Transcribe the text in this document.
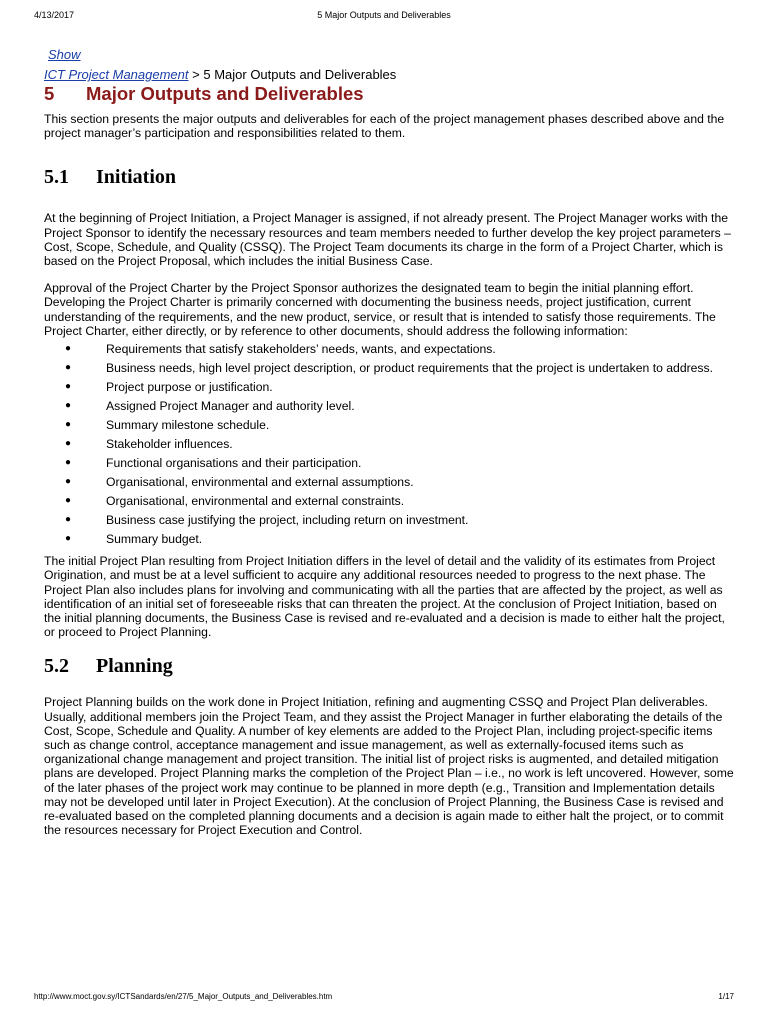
4/13/2017	5 Major Outputs and Deliverables
Show
ICT Project Management > 5 Major Outputs and Deliverables
5 Major Outputs and Deliverables

This section presents the major outputs and deliverables for each of the project management phases described above and the project manager’s participation and responsibilities related to them.

5.1 Initiation

At the beginning of Project Initiation, a Project Manager is assigned, if not already present. The Project Manager works with the Project Sponsor to identify the necessary resources and team members needed to further develop the key project parameters – Cost, Scope, Schedule, and Quality (CSSQ). The Project Team documents its charge in the form of a Project Charter, which is based on the Project Proposal, which includes the initial Business Case.

Approval of the Project Charter by the Project Sponsor authorizes the designated team to begin the initial planning effort. Developing the Project Charter is primarily concerned with documenting the business needs, project justification, current understanding of the requirements, and the new product, service, or result that is intended to satisfy those requirements. The Project Charter, either directly, or by reference to other documents, should address the following information:

●	Requirements that satisfy stakeholders’ needs, wants, and expectations.
●	Business needs, high level project description, or product requirements that the project is undertaken to address.
●	Project purpose or justification.
●	Assigned Project Manager and authority level.
●	Summary milestone schedule.
●	Stakeholder influences.
●	Functional organisations and their participation.
●	Organisational, environmental and external assumptions.
●	Organisational, environmental and external constraints.
●	Business case justifying the project, including return on investment.
●	Summary budget.

The initial Project Plan resulting from Project Initiation differs in the level of detail and the validity of its estimates from Project Origination, and must be at a level sufficient to acquire any additional resources needed to progress to the next phase. The Project Plan also includes plans for involving and communicating with all the parties that are affected by the project, as well as identification of an initial set of foreseeable risks that can threaten the project. At the conclusion of Project Initiation, based on the initial planning documents, the Business Case is revised and re-evaluated and a decision is made to either halt the project, or proceed to Project Planning.

5.2 Planning

Project Planning builds on the work done in Project Initiation, refining and augmenting CSSQ and Project Plan deliverables. Usually, additional members join the Project Team, and they assist the Project Manager in further elaborating the details of the Cost, Scope, Schedule and Quality. A number of key elements are added to the Project Plan, including project-specific items such as change control, acceptance management and issue management, as well as externally-focused items such as organizational change management and project transition. The initial list of project risks is augmented, and detailed mitigation plans are developed. Project Planning marks the completion of the Project Plan – i.e., no work is left uncovered. However, some of the later phases of the project work may continue to be planned in more depth (e.g., Transition and Implementation details may not be developed until later in Project Execution). At the conclusion of Project Planning, the Business Case is revised and re-evaluated based on the completed planning documents and a decision is again made to either halt the project, or to commit the resources necessary for Project Execution and Control.

http://www.moct.gov.sy/ICTSandards/en/27/5_Major_Outputs_and_Deliverables.htm	1/17
